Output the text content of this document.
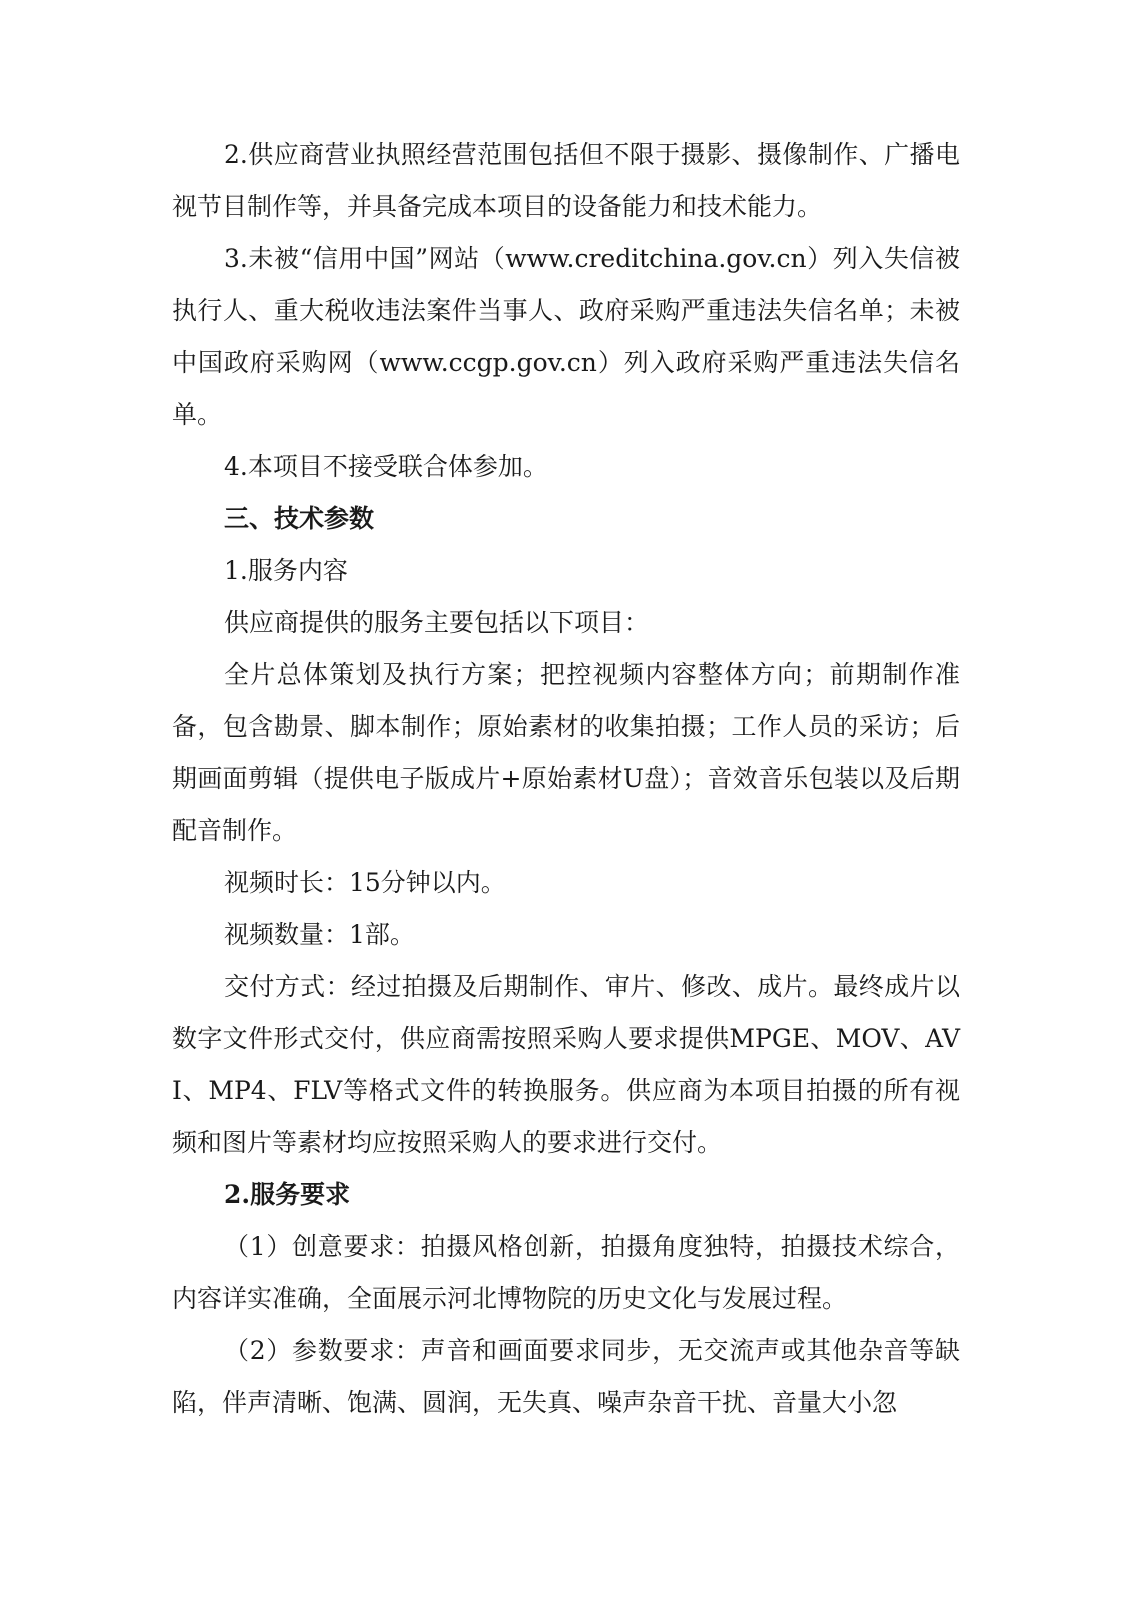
2.供应商营业执照经营范围包括但不限于摄影、摄像制作、广播电视节目制作等，并具备完成本项目的设备能力和技术能力。

3.未被“信用中国”网站（www.creditchina.gov.cn）列入失信被执行人、重大税收违法案件当事人、政府采购严重违法失信名单；未被中国政府采购网（www.ccgp.gov.cn）列入政府采购严重违法失信名单。

4.本项目不接受联合体参加。

三、技术参数

1.服务内容

供应商提供的服务主要包括以下项目：

全片总体策划及执行方案；把控视频内容整体方向；前期制作准备，包含勘景、脚本制作；原始素材的收集拍摄；工作人员的采访；后期画面剪辑（提供电子版成片+原始素材U盘）；音效音乐包装以及后期配音制作。

视频时长：15分钟以内。

视频数量：1部。

交付方式：经过拍摄及后期制作、审片、修改、成片。最终成片以数字文件形式交付，供应商需按照采购人要求提供MPGE、MOV、AVI、MP4、FLV等格式文件的转换服务。供应商为本项目拍摄的所有视频和图片等素材均应按照采购人的要求进行交付。

2.服务要求

（1）创意要求：拍摄风格创新，拍摄角度独特，拍摄技术综合，内容详实准确，全面展示河北博物院的历史文化与发展过程。

（2）参数要求：声音和画面要求同步，无交流声或其他杂音等缺陷，伴声清晰、饱满、圆润，无失真、噪声杂音干扰、音量大小忽
